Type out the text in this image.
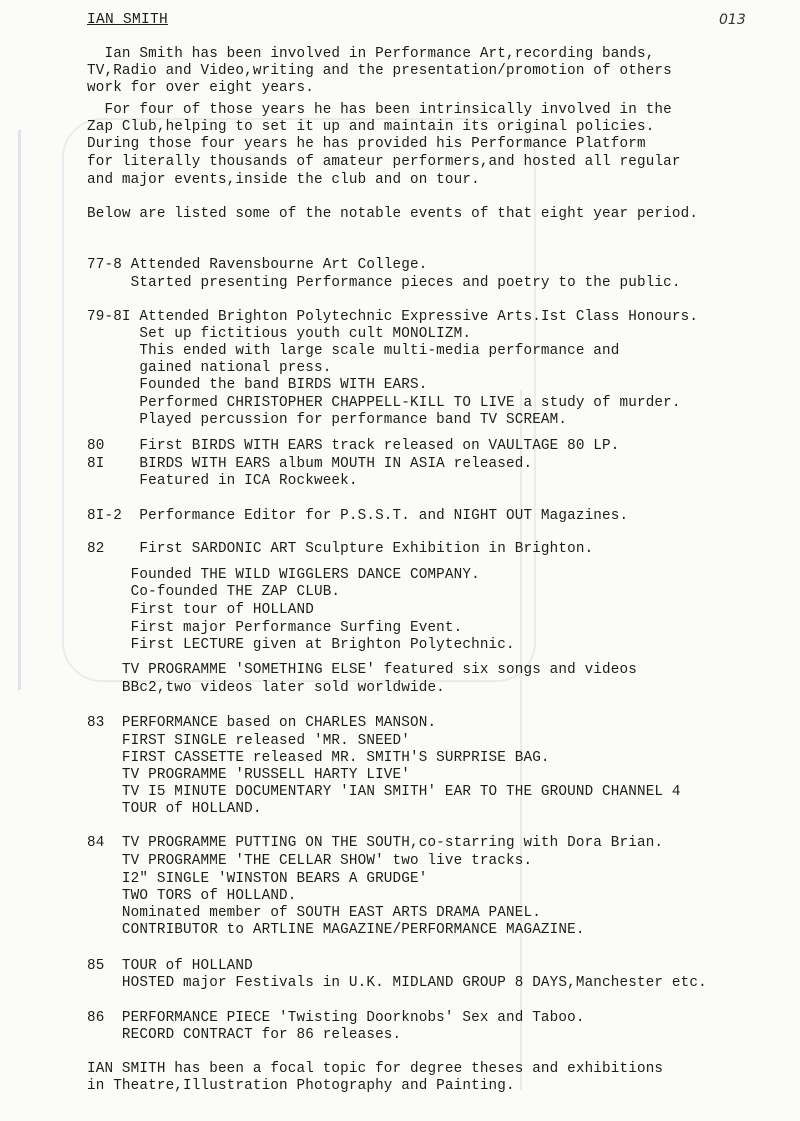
IAN SMITH	013
Ian Smith has been involved in Performance Art,recording bands,
TV,Radio and Video,writing and the presentation/promotion of others
work for over eight years.
For four of those years he has been intrinsically involved in the
Zap Club,helping to set it up and maintain its original policies.
During those four years he has provided his Performance Platform
for literally thousands of amateur performers,and hosted all regular
and major events,inside the club and on tour.
Below are listed some of the notable events of that eight year period.
77-8 Attended Ravensbourne Art College.
Started presenting Performance pieces and poetry to the public.
79-8I Attended Brighton Polytechnic Expressive Arts.Ist Class Honours.
Set up fictitious youth cult MONOLIZM.
This ended with large scale multi-media performance and
gained national press.
Founded the band BIRDS WITH EARS.
Performed CHRISTOPHER CHAPPELL-KILL TO LIVE a study of murder.
Played percussion for performance band TV SCREAM.
80    First BIRDS WITH EARS track released on VAULTAGE 80 LP.
8I    BIRDS WITH EARS album MOUTH IN ASIA released.
Featured in ICA Rockweek.
8I-2  Performance Editor for P.S.S.T. and NIGHT OUT Magazines.
82    First SARDONIC ART Sculpture Exhibition in Brighton.
Founded THE WILD WIGGLERS DANCE COMPANY.
Co-founded THE ZAP CLUB.
First tour of HOLLAND
First major Performance Surfing Event.
First LECTURE given at Brighton Polytechnic.
TV PROGRAMME 'SOMETHING ELSE' featured six songs and videos
BBc2,two videos later sold worldwide.
83  PERFORMANCE based on CHARLES MANSON.
FIRST SINGLE released 'MR. SNEED'
FIRST CASSETTE released MR. SMITH'S SURPRISE BAG.
TV PROGRAMME 'RUSSELL HARTY LIVE'
TV I5 MINUTE DOCUMENTARY 'IAN SMITH' EAR TO THE GROUND CHANNEL 4
TOUR of HOLLAND.
84  TV PROGRAMME PUTTING ON THE SOUTH,co-starring with Dora Brian.
TV PROGRAMME 'THE CELLAR SHOW' two live tracks.
I2" SINGLE 'WINSTON BEARS A GRUDGE'
TWO TORS of HOLLAND.
Nominated member of SOUTH EAST ARTS DRAMA PANEL.
CONTRIBUTOR to ARTLINE MAGAZINE/PERFORMANCE MAGAZINE.
85  TOUR of HOLLAND
HOSTED major Festivals in U.K. MIDLAND GROUP 8 DAYS,Manchester etc.
86  PERFORMANCE PIECE 'Twisting Doorknobs' Sex and Taboo.
RECORD CONTRACT for 86 releases.
IAN SMITH has been a focal topic for degree theses and exhibitions
in Theatre,Illustration Photography and Painting.
